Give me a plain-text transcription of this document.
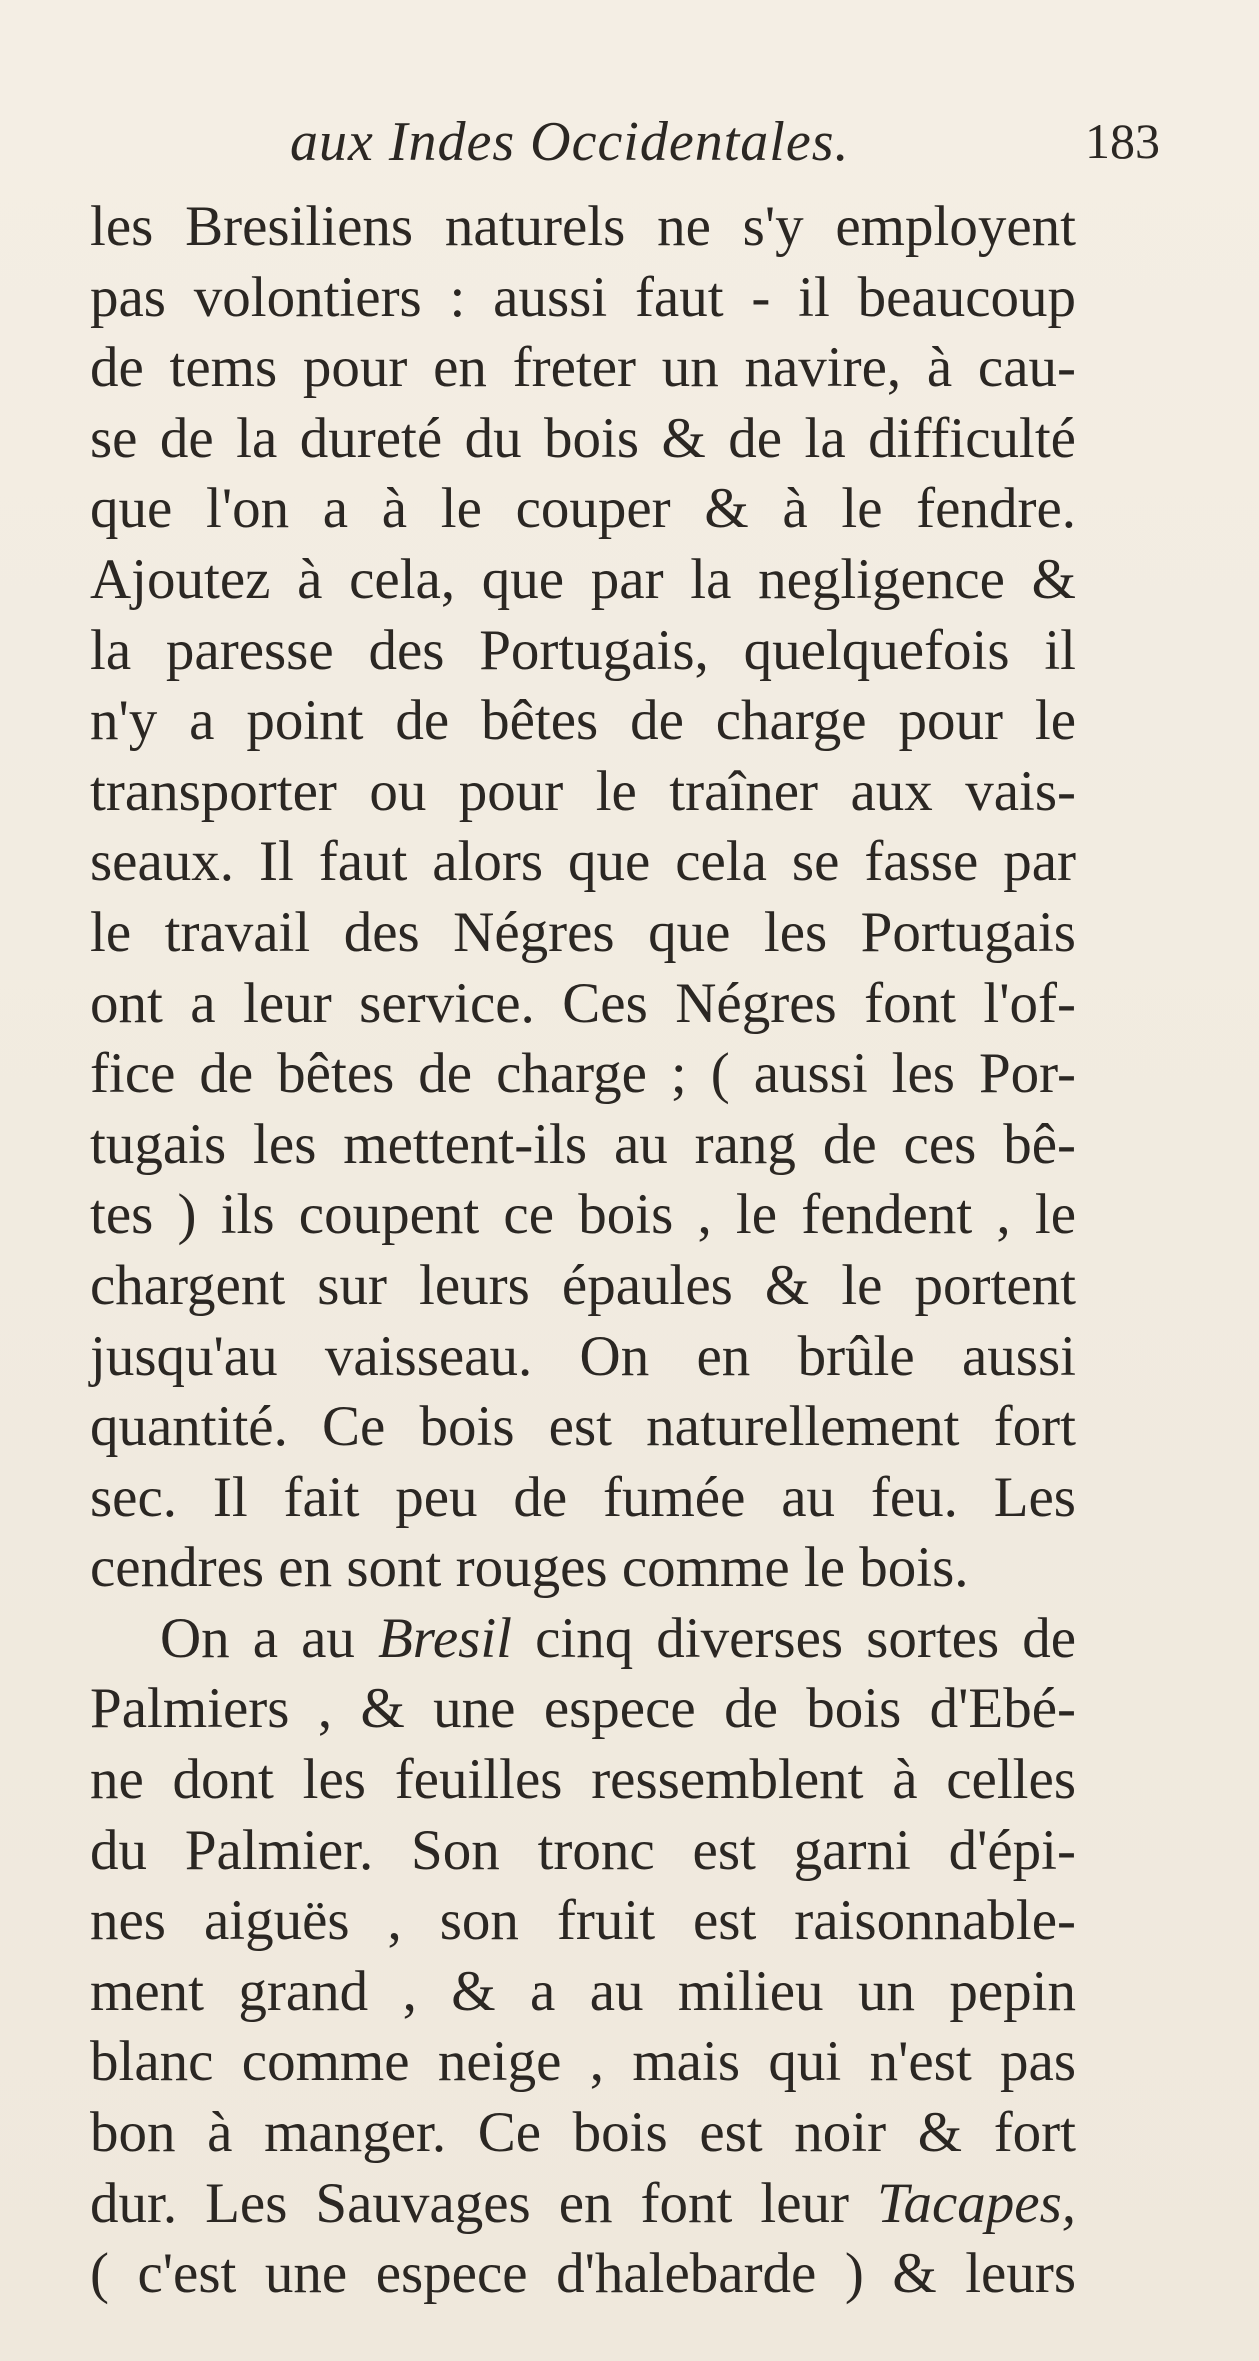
aux Indes Occidentales.	183
les Bresiliens naturels ne s'y employent
pas volontiers : aussi faut - il beaucoup
de tems pour en freter un navire, à cau-
se de la dureté du bois & de la difficulté
que l'on a à le couper & à le fendre.
Ajoutez à cela, que par la negligence &
la paresse des Portugais, quelquefois il
n'y a point de bêtes de charge pour le
transporter ou pour le traîner aux vais-
seaux. Il faut alors que cela se fasse par
le travail des Négres que les Portugais
ont a leur service. Ces Négres font l'of-
fice de bêtes de charge ; ( aussi les Por-
tugais les mettent-ils au rang de ces bê-
tes ) ils coupent ce bois , le fendent , le
chargent sur leurs épaules & le portent
jusqu'au vaisseau. On en brûle aussi
quantité. Ce bois est naturellement fort
sec. Il fait peu de fumée au feu. Les
cendres en sont rouges comme le bois.
On a au Bresil cinq diverses sortes de
Palmiers , & une espece de bois d'Ebé-
ne dont les feuilles ressemblent à celles
du Palmier. Son tronc est garni d'épi-
nes aiguës , son fruit est raisonnable-
ment grand , & a au milieu un pepin
blanc comme neige , mais qui n'est pas
bon à manger. Ce bois est noir & fort
dur. Les Sauvages en font leur Tacapes,
( c'est une espece d'halebarde ) & leurs
